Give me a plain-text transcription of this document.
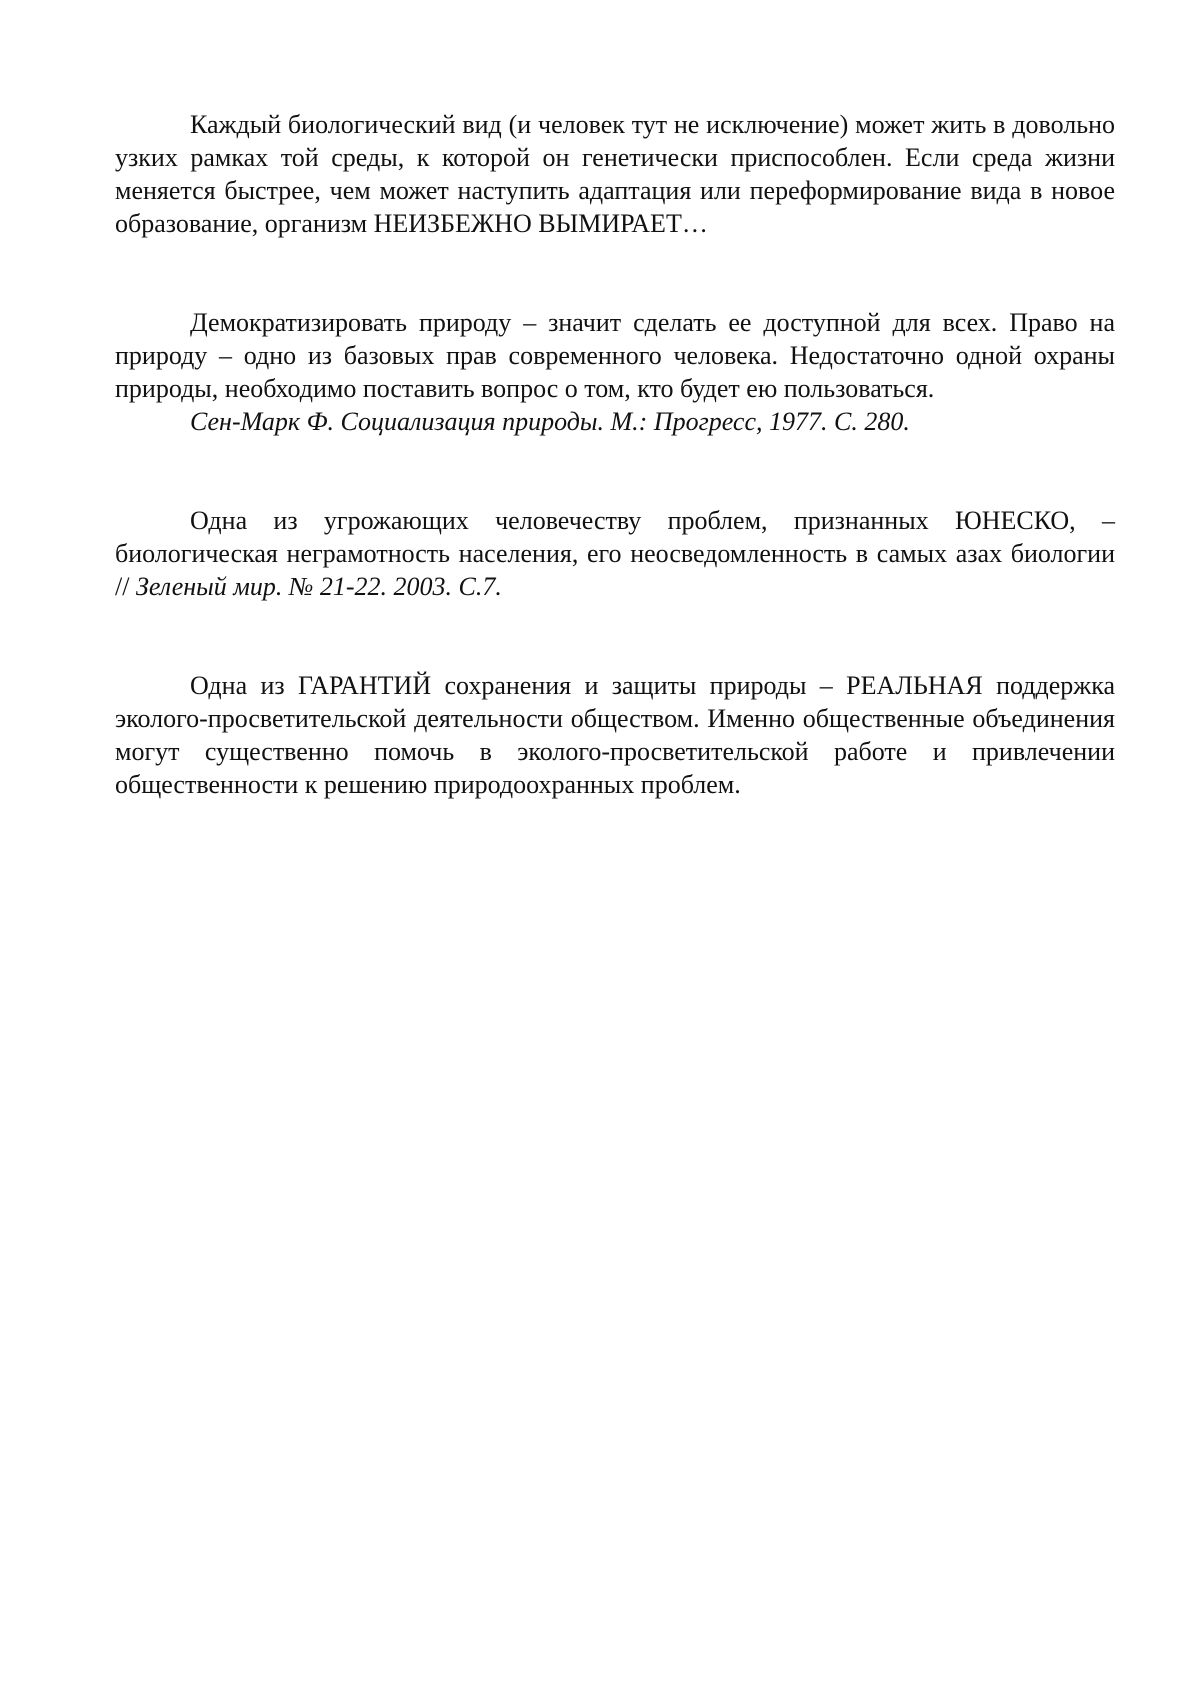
Каждый биологический вид (и человек тут не исключение) может жить в довольно узких рамках той среды, к которой он генетически приспособлен. Если среда жизни меняется быстрее, чем может наступить адаптация или переформирование вида в новое образование, организм НЕИЗБЕЖНО ВЫМИРАЕТ…

Демократизировать природу – значит сделать ее доступной для всех. Право на природу – одно из базовых прав современного человека. Недостаточно одной охраны природы, необходимо поставить вопрос о том, кто будет ею пользоваться.

Сен-Марк Ф. Социализация природы. М.: Прогресс, 1977. С. 280.

Одна из угрожающих человечеству проблем, признанных ЮНЕСКО, – биологическая неграмотность населения, его неосведомленность в самых азах биологии // Зеленый мир. № 21-22. 2003. С.7.

Одна из ГАРАНТИЙ сохранения и защиты природы – РЕАЛЬНАЯ поддержка эколого-просветительской деятельности обществом. Именно общественные объединения могут существенно помочь в эколого-просветительской работе и привлечении общественности к решению природоохранных проблем.
